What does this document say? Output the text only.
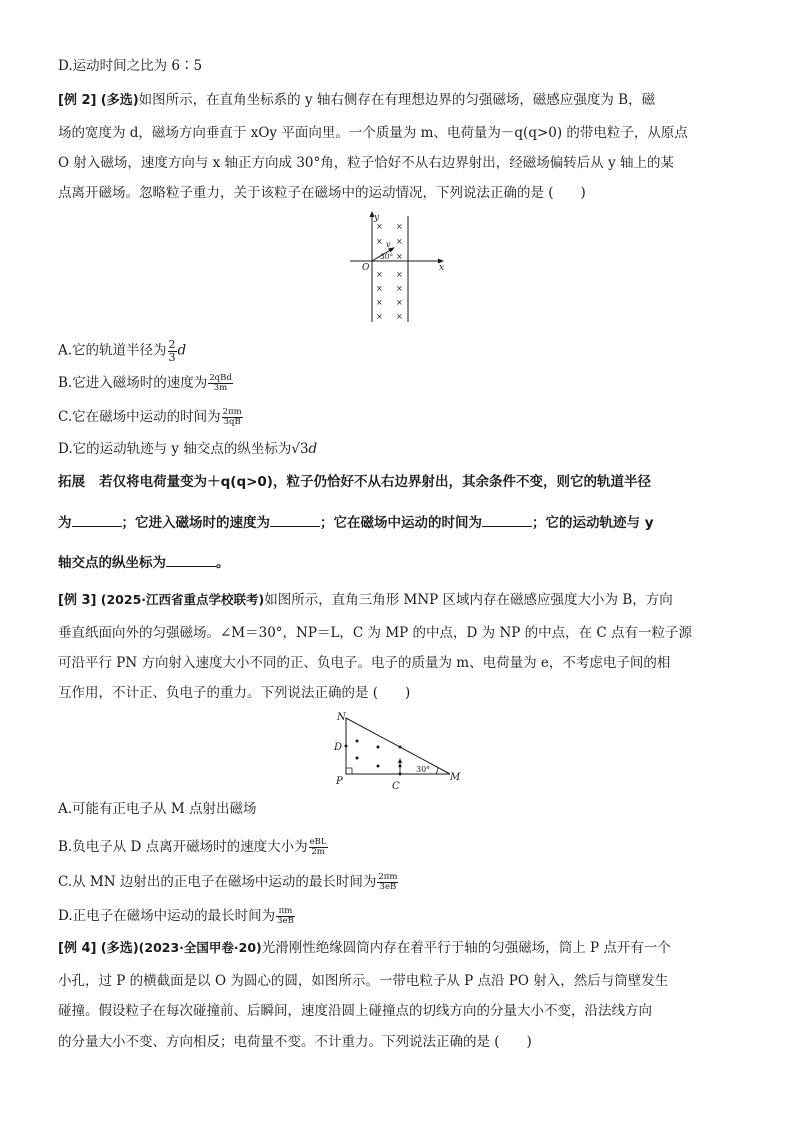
D.运动时间之比为 6∶5
[例 2] (多选)如图所示，在直角坐标系的 y 轴右侧存在有理想边界的匀强磁场，磁感应强度为 B，磁
场的宽度为 d，磁场方向垂直于 xOy 平面向里。一个质量为 m、电荷量为－q(q>0) 的带电粒子，从原点
O 射入磁场，速度方向与 x 轴正方向成 30°角，粒子恰好不从右边界射出，经磁场偏转后从 y 轴上的某
点离开磁场。忽略粒子重力，关于该粒子在磁场中的运动情况，下列说法正确的是 (　　)
y
x
O
v
30°
× ×
× ×
×
× ×
× ×
× ×
× ×
A.它的轨道半径为 $\frac{2}{3}$ d
B.它进入磁场时的速度为 $\frac{\text{2qBd}}{3m}$
C.它在磁场中运动的时间为 $\frac{2\pi m}{3qB}$
D.它的运动轨迹与 y 轴交点的纵坐标为√3d
拓展 若仅将电荷量变为＋q(q>0)，粒子仍恰好不从右边界射出，其余条件不变，则它的轨道半径
为	；它进入磁场时的速度为	；它在磁场中运动的时间为	；它的运动轨迹与 y
轴交点的纵坐标为	。
[例 3] (2025·江西省重点学校联考)如图所示，直角三角形 MNP 区域内存在磁感应强度大小为 B，方向
垂直纸面向外的匀强磁场。∠M＝30°，NP＝L，C 为 MP 的中点，D 为 NP 的中点，在 C 点有一粒子源
可沿平行 PN 方向射入速度大小不同的正、负电子。电子的质量为 m、电荷量为 e，不考虑电子间的相
互作用，不计正、负电子的重力。下列说法正确的是 (　　)
N
D
P	C
M
30°
A.可能有正电子从 M 点射出磁场
B.负电子从 D 点离开磁场时的速度大小为 $\frac{\text{eBL}}{2m}$
C.从 MN 边射出的正电子在磁场中运动的最长时间为 $\frac{2\pi m}{3eB}$
D.正电子在磁场中运动的最长时间为 $\frac{\pi m}{3eB}$
[例 4] (多选)(2023·全国甲卷·20)光滑刚性绝缘圆筒内存在着平行于轴的匀强磁场，筒上 P 点开有一个
小孔，过 P 的横截面是以 O 为圆心的圆，如图所示。一带电粒子从 P 点沿 PO 射入，然后与筒壁发生
碰撞。假设粒子在每次碰撞前、后瞬间，速度沿圆上碰撞点的切线方向的分量大小不变，沿法线方向
的分量大小不变、方向相反；电荷量不变。不计重力。下列说法正确的是 (　　)
